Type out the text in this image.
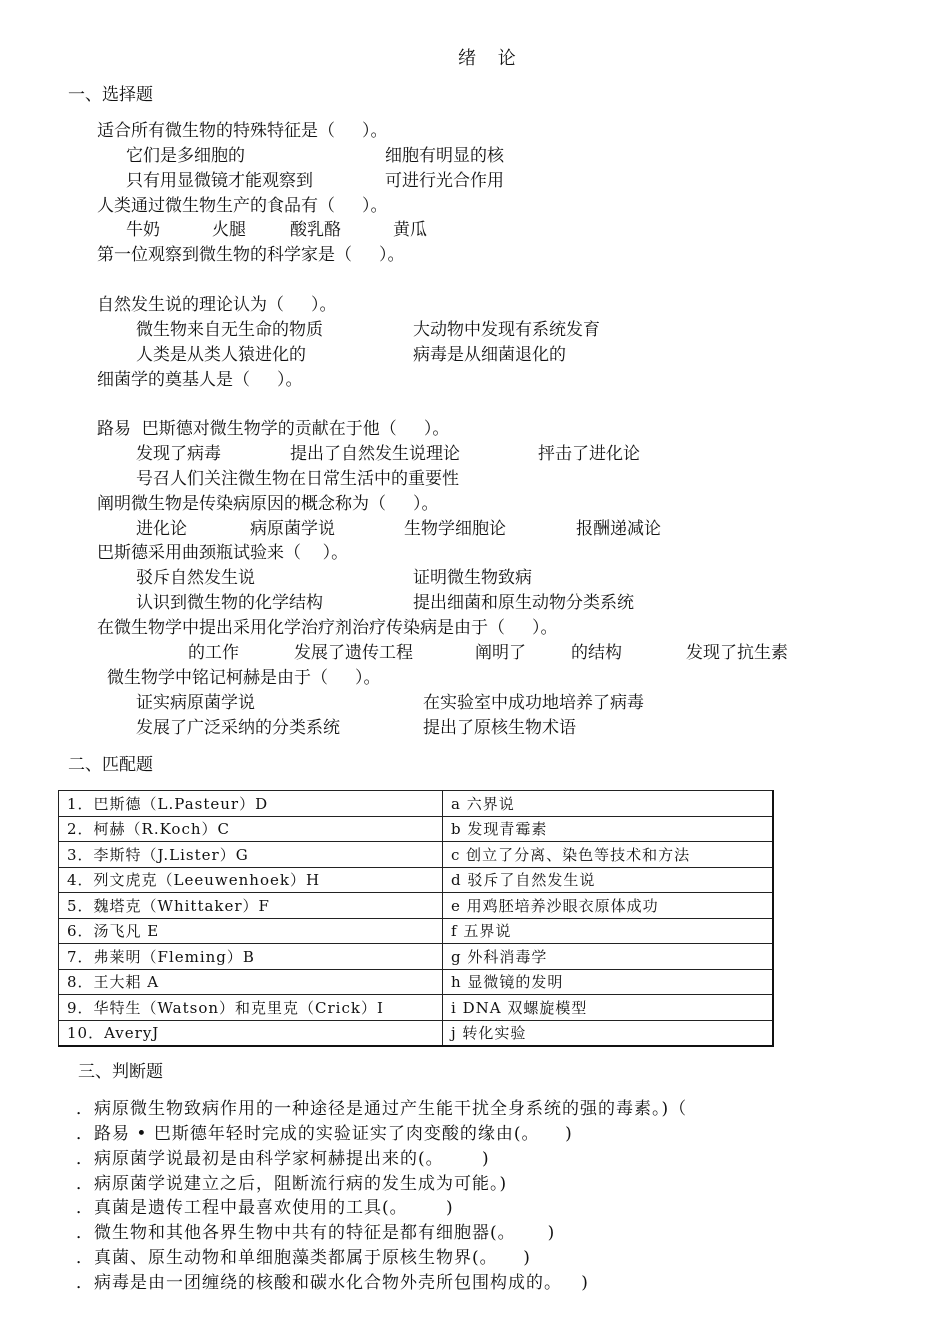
绪 论
一、选择题
适合所有微生物的特殊特征是（     ）。
它们是多细胞的	细胞有明显的核
只有用显微镜才能观察到	可进行光合作用
人类通过微生物生产的食品有（     ）。
牛奶	火腿	酸乳酪	黄瓜
第一位观察到微生物的科学家是（     ）。
自然发生说的理论认为（     ）。
微生物来自无生命的物质	大动物中发现有系统发育
人类是从类人猿进化的	病毒是从细菌退化的
细菌学的奠基人是（     ）。
路易  巴斯德对微生物学的贡献在于他（     ）。
发现了病毒	提出了自然发生说理论	抨击了进化论
号召人们关注微生物在日常生活中的重要性
阐明微生物是传染病原因的概念称为（     ）。
进化论	病原菌学说	生物学细胞论	报酬递减论
巴斯德采用曲颈瓶试验来（    ）。
驳斥自然发生说	证明微生物致病
认识到微生物的化学结构	提出细菌和原生动物分类系统
在微生物学中提出采用化学治疗剂治疗传染病是由于（     ）。
的工作	发展了遗传工程	阐明了	的结构	发现了抗生素
微生物学中铭记柯赫是由于（     ）。
证实病原菌学说	在实验室中成功地培养了病毒
发展了广泛采纳的分类系统	提出了原核生物术语
二、匹配题
1．巴斯德（L.Pasteur）D	a 六界说
2．柯赫（R.Koch）C	b 发现青霉素
3．李斯特（J.Lister）G	c 创立了分离、染色等技术和方法
4．列文虎克（Leeuwenhoek）H	d 驳斥了自然发生说
5．魏塔克（Whittaker）F	e 用鸡胚培养沙眼衣原体成功
6．汤飞凡 E	f 五界说
7．弗莱明（Fleming）B	g 外科消毒学
8．王大耜 A	h 显微镜的发明
9．华特生（Watson）和克里克（Crick）I	i DNA 双螺旋模型
10．AveryJ	j 转化实验
三、判断题
．病原微生物致病作用的一种途径是通过产生能干扰全身系统的强的毒素。)（
．路易 • 巴斯德年轻时完成的实验证实了肉变酸的缘由(。    )
．病原菌学说最初是由科学家柯赫提出来的(。      )
．病原菌学说建立之后，阻断流行病的发生成为可能。)
．真菌是遗传工程中最喜欢使用的工具(。      )
．微生物和其他各界生物中共有的特征是都有细胞器(。     )
．真菌、原生动物和单细胞藻类都属于原核生物界(。    )
．病毒是由一团缠绕的核酸和碳水化合物外壳所包围构成的。   )
